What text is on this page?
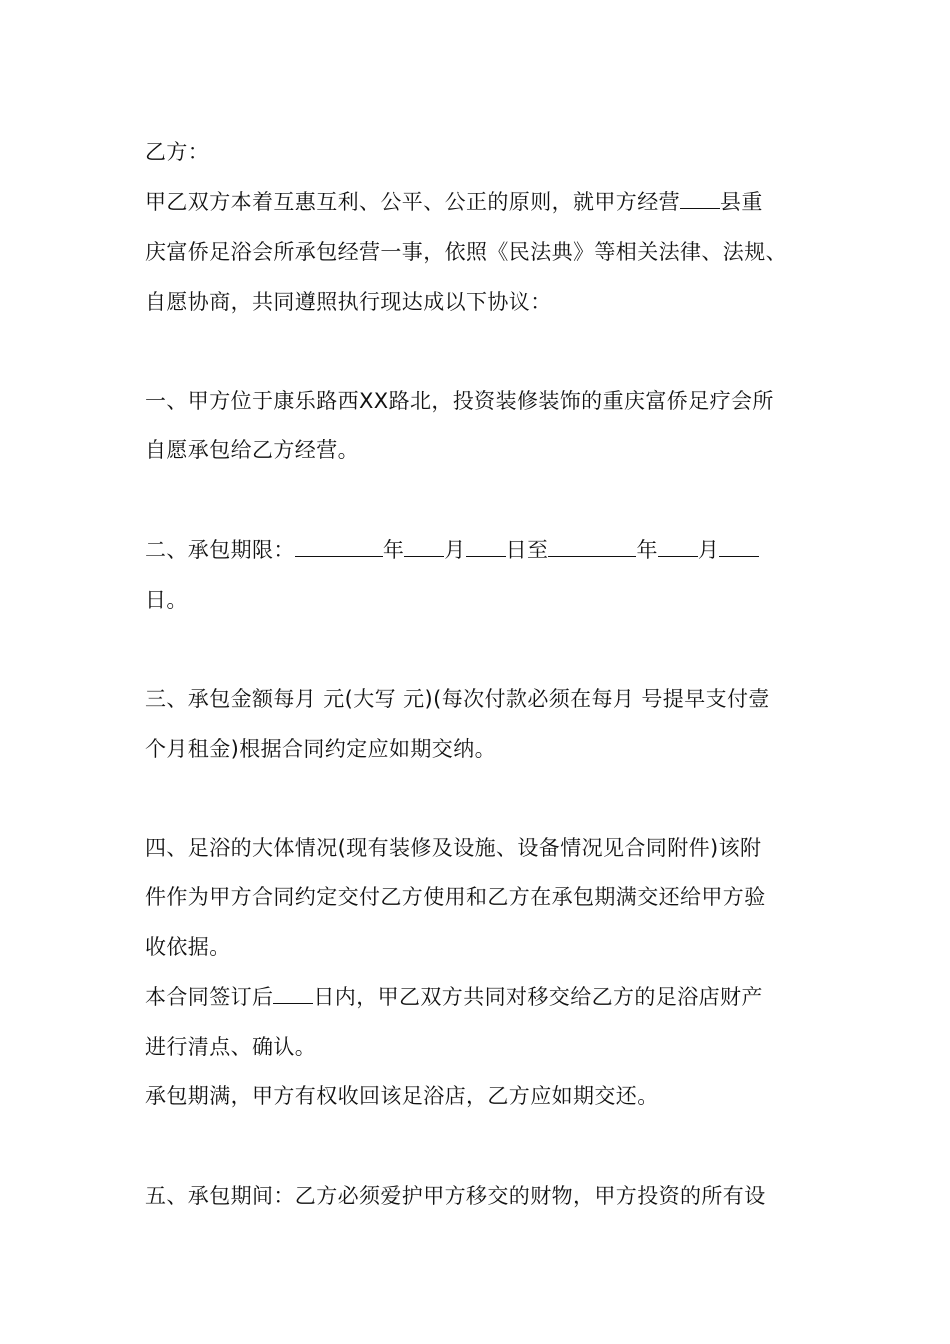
乙方：
甲乙双方本着互惠互利、公平、公正的原则，就甲方经营 县重
庆富侨足浴会所承包经营一事，依照《民法典》等相关法律、法规、
自愿协商，共同遵照执行现达成以下协议：
一、甲方位于康乐路西XX路北，投资装修装饰的重庆富侨足疗会所
自愿承包给乙方经营。
二、承包期限：	年 月 日至	年 月
日。
三、承包金额每月 元(大写 元)(每次付款必须在每月 号提早支付壹
个月租金)根据合同约定应如期交纳。
四、足浴的大体情况(现有装修及设施、设备情况见合同附件)该附
件作为甲方合同约定交付乙方使用和乙方在承包期满交还给甲方验
收依据。
本合同签订后 日内，甲乙双方共同对移交给乙方的足浴店财产
进行清点、确认。
承包期满，甲方有权收回该足浴店，乙方应如期交还。
五、承包期间：乙方必须爱护甲方移交的财物，甲方投资的所有设
